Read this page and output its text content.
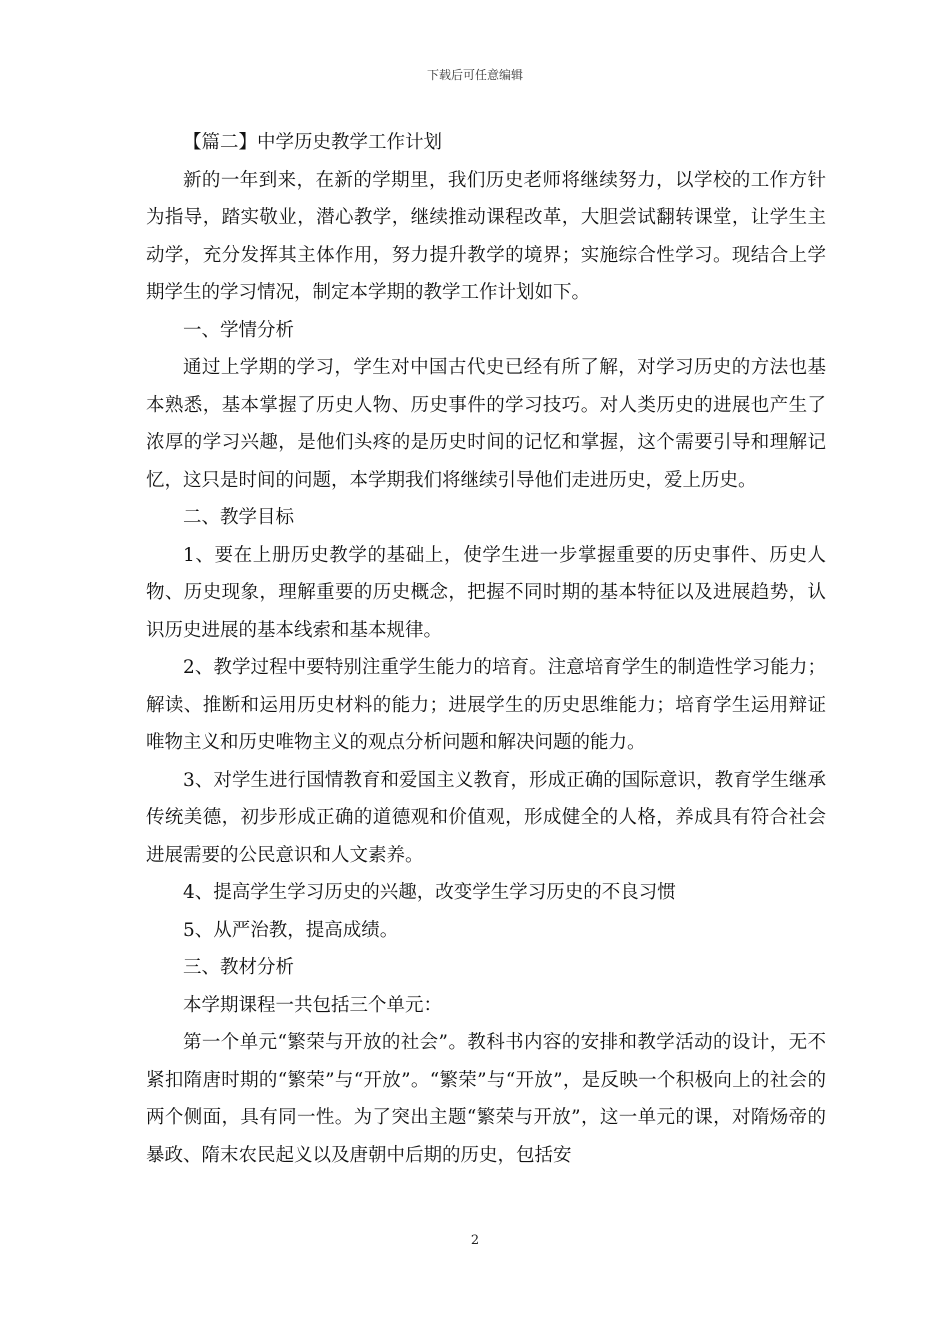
下载后可任意编辑

【篇二】中学历史教学工作计划

新的一年到来，在新的学期里，我们历史老师将继续努力，以学校的工作方针为指导，踏实敬业，潜心教学，继续推动课程改革，大胆尝试翻转课堂，让学生主动学，充分发挥其主体作用，努力提升教学的境界；实施综合性学习。现结合上学期学生的学习情况，制定本学期的教学工作计划如下。

一、学情分析

通过上学期的学习，学生对中国古代史已经有所了解，对学习历史的方法也基本熟悉，基本掌握了历史人物、历史事件的学习技巧。对人类历史的进展也产生了浓厚的学习兴趣，是他们头疼的是历史时间的记忆和掌握，这个需要引导和理解记忆，这只是时间的问题，本学期我们将继续引导他们走进历史，爱上历史。

二、教学目标

1、要在上册历史教学的基础上，使学生进一步掌握重要的历史事件、历史人物、历史现象，理解重要的历史概念，把握不同时期的基本特征以及进展趋势，认识历史进展的基本线索和基本规律。

2、教学过程中要特别注重学生能力的培育。注意培育学生的制造性学习能力；解读、推断和运用历史材料的能力；进展学生的历史思维能力；培育学生运用辩证唯物主义和历史唯物主义的观点分析问题和解决问题的能力。

3、对学生进行国情教育和爱国主义教育，形成正确的国际意识，教育学生继承传统美德，初步形成正确的道德观和价值观，形成健全的人格，养成具有符合社会进展需要的公民意识和人文素养。

4、提高学生学习历史的兴趣，改变学生学习历史的不良习惯

5、从严治教，提高成绩。

三、教材分析

本学期课程一共包括三个单元：

第一个单元“繁荣与开放的社会”。教科书内容的安排和教学活动的设计，无不紧扣隋唐时期的“繁荣”与“开放”。“繁荣”与“开放”，是反映一个积极向上的社会的两个侧面，具有同一性。为了突出主题“繁荣与开放”，这一单元的课，对隋炀帝的暴政、隋末农民起义以及唐朝中后期的历史，包括安

2
